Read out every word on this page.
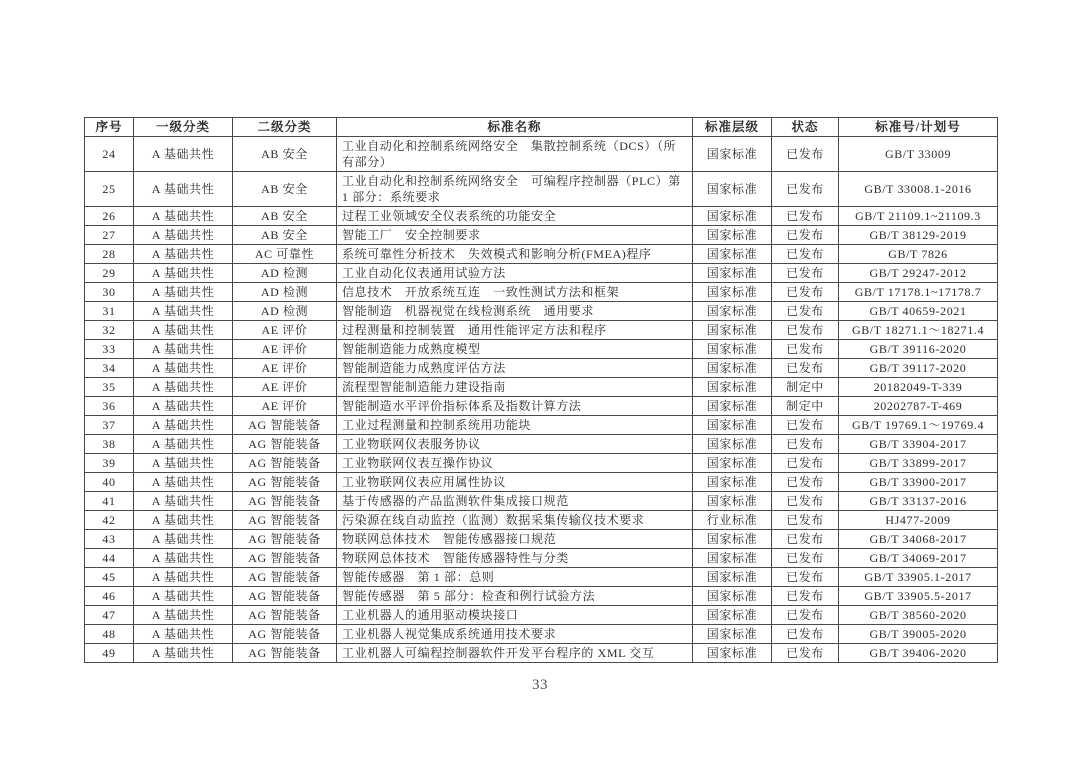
序号	一级分类	二级分类	标准名称	标准层级	状态	标准号/计划号
24	A 基础共性	AB 安全	工业自动化和控制系统网络安全　集散控制系统（DCS）（所有部分）	国家标准	已发布	GB/T 33009
25	A 基础共性	AB 安全	工业自动化和控制系统网络安全　可编程序控制器（PLC）第 1 部分：系统要求	国家标准	已发布	GB/T 33008.1-2016
26	A 基础共性	AB 安全	过程工业领域安全仪表系统的功能安全	国家标准	已发布	GB/T 21109.1~21109.3
27	A 基础共性	AB 安全	智能工厂　安全控制要求	国家标准	已发布	GB/T 38129-2019
28	A 基础共性	AC 可靠性	系统可靠性分析技术　失效模式和影响分析(FMEA)程序	国家标准	已发布	GB/T 7826
29	A 基础共性	AD 检测	工业自动化仪表通用试验方法	国家标准	已发布	GB/T 29247-2012
30	A 基础共性	AD 检测	信息技术　开放系统互连　一致性测试方法和框架	国家标准	已发布	GB/T 17178.1~17178.7
31	A 基础共性	AD 检测	智能制造　机器视觉在线检测系统　通用要求	国家标准	已发布	GB/T 40659-2021
32	A 基础共性	AE 评价	过程测量和控制装置　通用性能评定方法和程序	国家标准	已发布	GB/T 18271.1～18271.4
33	A 基础共性	AE 评价	智能制造能力成熟度模型	国家标准	已发布	GB/T 39116-2020
34	A 基础共性	AE 评价	智能制造能力成熟度评估方法	国家标准	已发布	GB/T 39117-2020
35	A 基础共性	AE 评价	流程型智能制造能力建设指南	国家标准	制定中	20182049-T-339
36	A 基础共性	AE 评价	智能制造水平评价指标体系及指数计算方法	国家标准	制定中	20202787-T-469
37	A 基础共性	AG 智能装备	工业过程测量和控制系统用功能块	国家标准	已发布	GB/T 19769.1～19769.4
38	A 基础共性	AG 智能装备	工业物联网仪表服务协议	国家标准	已发布	GB/T 33904-2017
39	A 基础共性	AG 智能装备	工业物联网仪表互操作协议	国家标准	已发布	GB/T 33899-2017
40	A 基础共性	AG 智能装备	工业物联网仪表应用属性协议	国家标准	已发布	GB/T 33900-2017
41	A 基础共性	AG 智能装备	基于传感器的产品监测软件集成接口规范	国家标准	已发布	GB/T 33137-2016
42	A 基础共性	AG 智能装备	污染源在线自动监控（监测）数据采集传输仪技术要求	行业标准	已发布	HJ477-2009
43	A 基础共性	AG 智能装备	物联网总体技术　智能传感器接口规范	国家标准	已发布	GB/T 34068-2017
44	A 基础共性	AG 智能装备	物联网总体技术　智能传感器特性与分类	国家标准	已发布	GB/T 34069-2017
45	A 基础共性	AG 智能装备	智能传感器　第 1 部：总则	国家标准	已发布	GB/T 33905.1-2017
46	A 基础共性	AG 智能装备	智能传感器　第 5 部分：检查和例行试验方法	国家标准	已发布	GB/T 33905.5-2017
47	A 基础共性	AG 智能装备	工业机器人的通用驱动模块接口	国家标准	已发布	GB/T 38560-2020
48	A 基础共性	AG 智能装备	工业机器人视觉集成系统通用技术要求	国家标准	已发布	GB/T 39005-2020
49	A 基础共性	AG 智能装备	工业机器人可编程控制器软件开发平台程序的 XML 交互	国家标准	已发布	GB/T 39406-2020
33
